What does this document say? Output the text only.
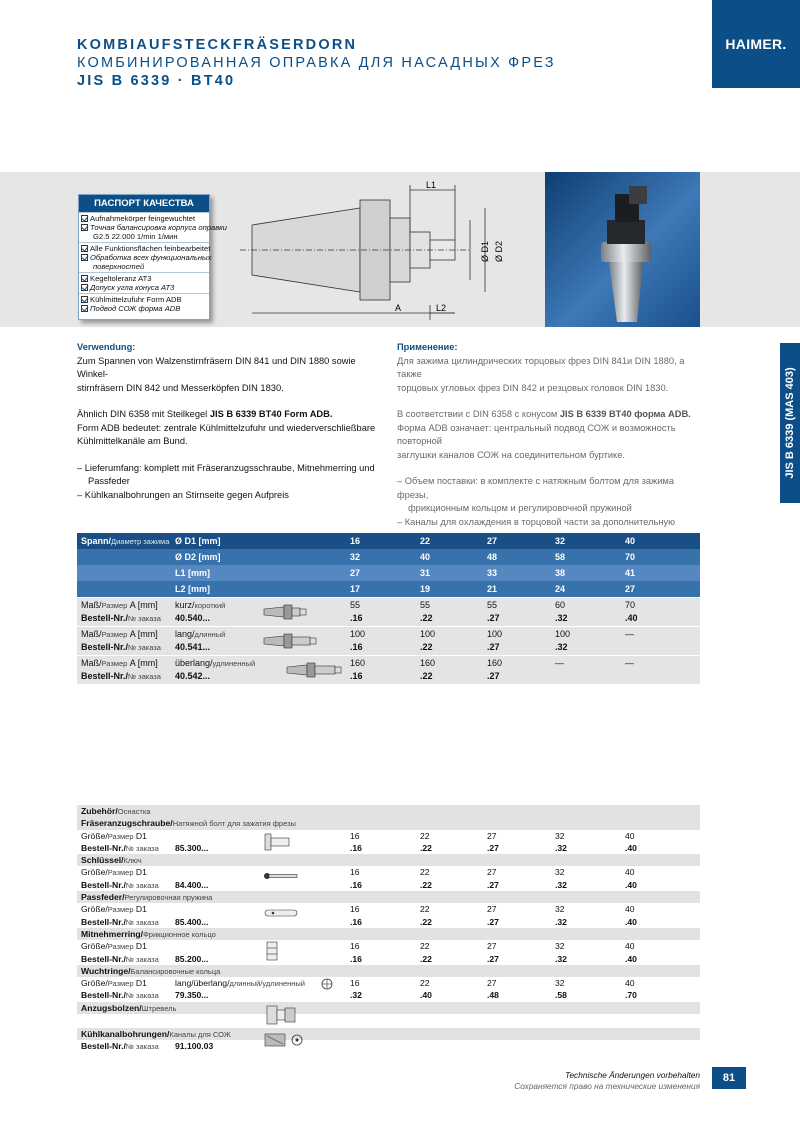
KOMBIAUFSTECKFRÄSERDORN
КОМБИНИРОВАННАЯ ОПРАВКА ДЛЯ НАСАДНЫХ ФРЕЗ
JIS B 6339 · BT40
HAIMER.
JIS B 6339 (MAS 403)
ПАСПОРТ КАЧЕСТВА
Aufnahmekörper feingewuchtet
Точная балансировка корпуса оправки
G2.5 22.000 1/min 1/мин
Alle Funktionsflächen feinbearbeitet
Обработка всех функциональных
поверхностей
Kegeltoleranz AT3
Допуск угла конуса AT3
Kühlmittelzufuhr Form ADB
Подвод СОЖ форма ADB
L1
L2
A
Ø D1 Ø D2
Verwendung:

Zum Spannen von Walzenstirnfräsern DIN 841 und DIN 1880 sowie Winkel-

stirnfräsern DIN 842 und Messerköpfen DIN 1830.

Ähnlich DIN 6358 mit Steilkegel JIS B 6339 BT40 Form ADB.

Form ADB bedeutet: zentrale Kühlmittelzufuhr und wiederverschließbare

Kühlmittelkanäle am Bund.

– Lieferumfang: komplett mit Fräseranzugsschraube, Mitnehmerring und

Passfeder

– Kühlkanalbohrungen an Stirnseite gegen Aufpreis

Применение:

Для зажима цилиндрических торцовых фрез DIN 841и DIN 1880, а также

торцовых угловых фрез DIN 842 и резцовых головок DIN 1830.

В соответствии с DIN 6358 с конусом JIS B 6339 BT40 форма ADB.

Форма ADB означает: центральный подвод СОЖ и возможность повторной

заглушки каналов СОЖ на соединительном буртике.

– Объем поставки: в комплекте с натяжным болтом для зажима фрезы,

фрикционным кольцом и регулировочной пружиной

– Каналы для охлаждения в торцовой части за дополнительную

Spann/Диаметр зажима Ø D1 [mm]	16	22	27	32	40
Ø D2 [mm]	32	40	48	58	70
L1 [mm]	27	31	33	38	41
L2 [mm]	17	19	21	24	27
Maß/Размер A [mm] kurz/короткий
Bestell-Nr./№ заказа 40.540...
55	55	55	60	70
.16	.22	.27	.32	.40
Maß/Размер A [mm] lang/длинный
Bestell-Nr./№ заказа 40.541...
100	100	100	100	—
.16	.22	.27	.32
Maß/Размер A [mm] überlang/удлиненный
Bestell-Nr./№ заказа 40.542...
160	160	160	—	—
.16	.22	.27
Zubehör/Оснастка
Fräseranzugschraube/Натяжной болт для зажатия фрезы
Größe/Размер D1	16	22	27	32	40
Bestell-Nr./№ заказа 85.300...	.16	.22	.27	.32	.40
Schlüssel/Ключ
Größe/Размер D1	16	22	27	32	40
Bestell-Nr./№ заказа 84.400...	.16	.22	.27	.32	.40
Passfeder/Регулировочная пружина
Größe/Размер D1	16	22	27	32	40
Bestell-Nr./№ заказа 85.400...	.16	.22	.27	.32	.40
Mitnehmerring/Фрикционное кольцо
Größe/Размер D1	16	22	27	32	40
Bestell-Nr./№ заказа 85.200...	.16	.22	.27	.32	.40
Wuchtringe/Балансировочные кольца
Größe/Размер D1	lang/überlang/длинный/удлиненный	16	22	27	32	40
Bestell-Nr./№ заказа 79.350...	.32	.40	.48	.58	.70
Anzugsbolzen/Штревель
Kühlkanalbohrungen/Каналы для СОЖ
Bestell-Nr./№ заказа 91.100.03
Technische Änderungen vorbehalten
Сохраняется право на технические изменения
81
